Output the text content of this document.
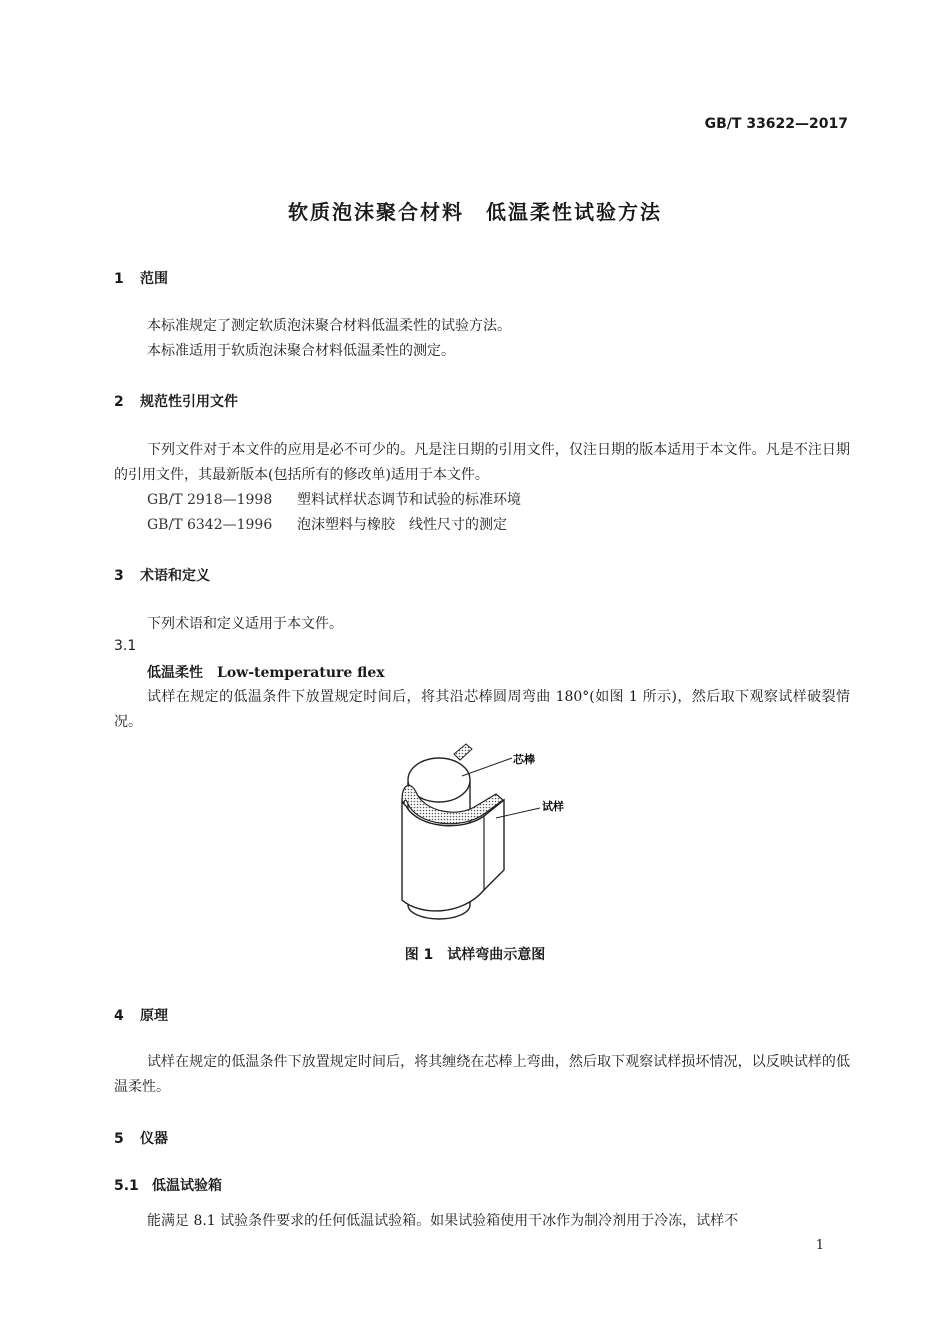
GB/T 33622—2017
软质泡沫聚合材料　低温柔性试验方法
1 范围
本标准规定了测定软质泡沫聚合材料低温柔性的试验方法。
本标准适用于软质泡沫聚合材料低温柔性的测定。
2 规范性引用文件
下列文件对于本文件的应用是必不可少的。凡是注日期的引用文件，仅注日期的版本适用于本文件。凡是不注日期的引用文件，其最新版本(包括所有的修改单)适用于本文件。
GB/T 2918—1998 塑料试样状态调节和试验的标准环境
GB/T 6342—1996 泡沫塑料与橡胶　线性尺寸的测定
3 术语和定义
下列术语和定义适用于本文件。
3.1
低温柔性 Low-temperature flex
试样在规定的低温条件下放置规定时间后，将其沿芯棒圆周弯曲 180°(如图 1 所示)，然后取下观察试样破裂情况。
芯棒
试样
图 1　试样弯曲示意图
4 原理
试样在规定的低温条件下放置规定时间后，将其缠绕在芯棒上弯曲，然后取下观察试样损坏情况，以反映试样的低温柔性。
5 仪器
5.1 低温试验箱
能满足 8.1 试验条件要求的任何低温试验箱。如果试验箱使用干冰作为制冷剂用于冷冻，试样不
1
